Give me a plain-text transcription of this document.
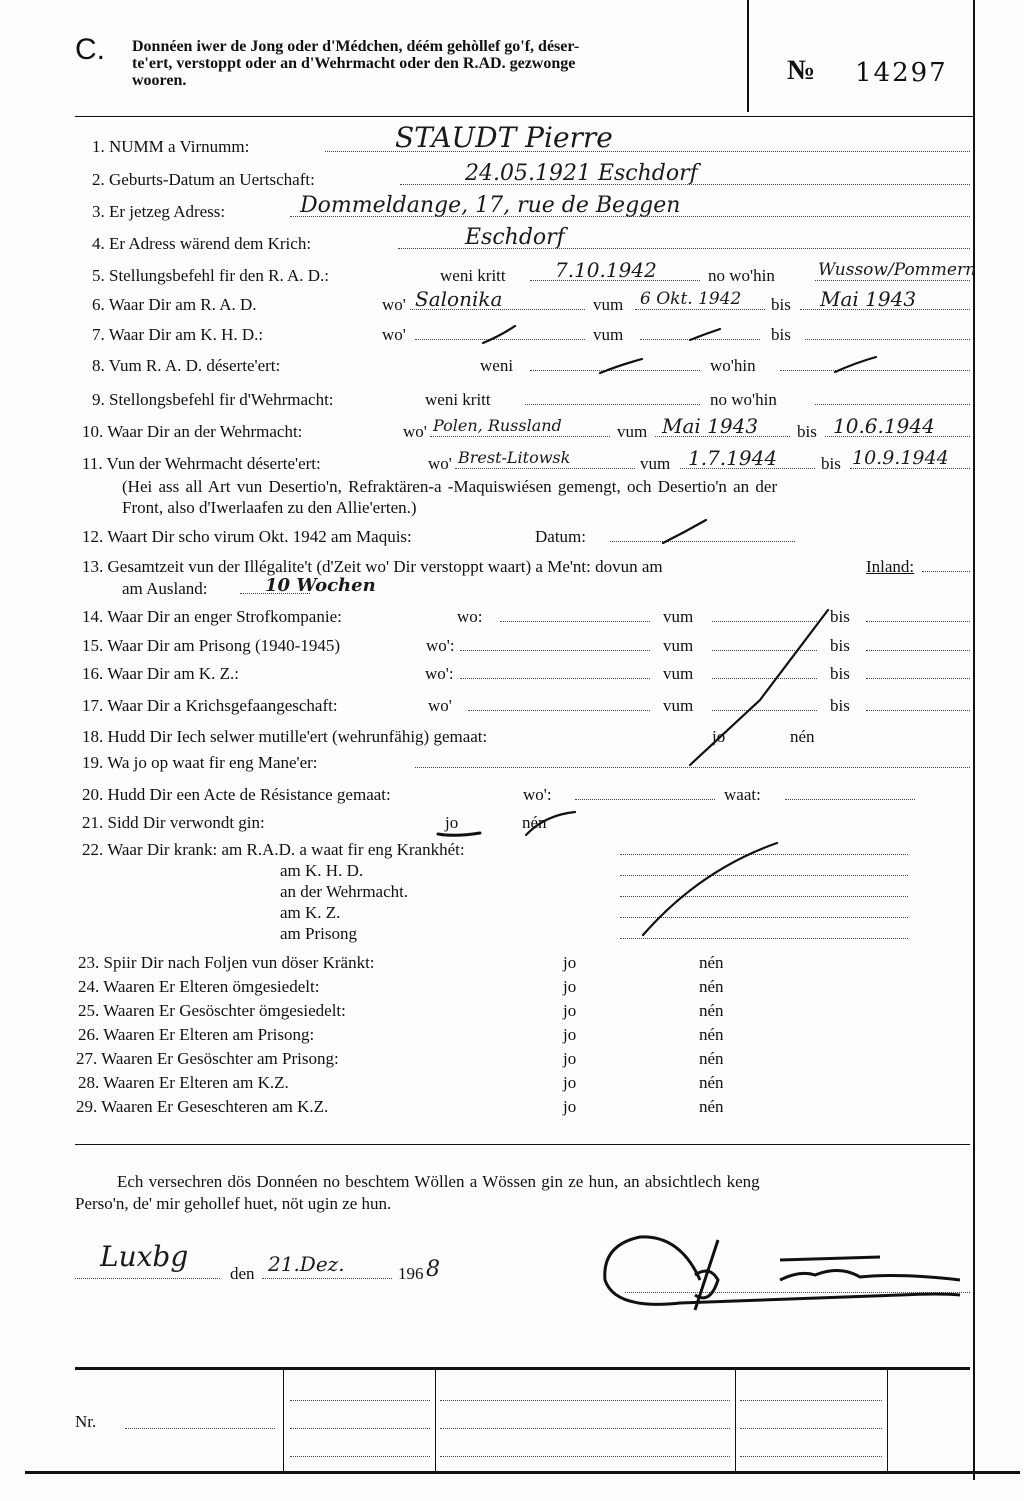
C. Donnéen iwer de Jong oder d'Médchen, déém gehòllef go'f, déser-
te'ert, verstoppt oder an d'Wehrmacht oder den R.AD. gezwonge
wooren.	№ 14297
1. NUMM a Virnumm:	STAUDT Pierre
2. Geburts-Datum an Uertschaft:	24.05.1921 Eschdorf
3. Er jetzeg Adress:	Dommeldange, 17, rue de Beggen
4. Er Adress wärend dem Krich:	Eschdorf
5. Stellungsbefehl fir den R. A. D.:	weni kritt 7.10.1942	no wo'hin	Wussow/Pommern
6. Waar Dir am R. A. D.	wo' Salonika	vum 6 Okt. 1942 bis Mai 1943
7. Waar Dir am K. H. D.:	wo'	vum	bis
8. Vum R. A. D. déserte'ert:	weni	wo'hin
9. Stellongsbefehl fir d'Wehrmacht:	weni kritt	no wo'hin
10. Waar Dir an der Wehrmacht:	wo' Polen, Russland	vum Mai 1943 bis 10.6.1944
11. Vun der Wehrmacht déserte'ert:	wo' Brest-Litowsk	vum 1.7.1944	bis 10.9.1944
(Hei ass all Art vun Desertio'n, Refraktären-a -Maquiswiésen gemengt, och Desertio'n an der
Front, also d'Iwerlaafen zu den Allie'erten.)
12. Waart Dir scho virum Okt. 1942 am Maquis:	Datum:
13. Gesamtzeit vun der Illégalite't (d'Zeit wo' Dir verstoppt waart) a Me'nt: dovun am	Inland:
am Ausland:	10 Wochen
14. Waar Dir an enger Strofkompanie:	wo:	vum	bis
15. Waar Dir am Prisong (1940-1945)	wo':	vum	bis
16. Waar Dir am K. Z.:	wo':	vum	bis
17. Waar Dir a Krichsgefaangeschaft:	wo'	vum	bis
18. Hudd Dir Iech selwer mutille'ert (wehrunfähig) gemaat:	jo	nén
19. Wa jo op waat fir eng Mane'er:
20. Hudd Dir een Acte de Résistance gemaat:	wo':	waat:
21. Sidd Dir verwondt gin:	jo	nén
22. Waar Dir krank: am R.A.D. a waat fir eng Krankhét:
am K. H. D.
an der Wehrmacht.
am K. Z.
am Prisong
23. Spiir Dir nach Foljen vun döser Kränkt:	jo	nén
24. Waaren Er Elteren ömgesiedelt:	jo	nén
25. Waaren Er Gesöschter ömgesiedelt:	jo	nén
26. Waaren Er Elteren am Prisong:	jo	nén
27. Waaren Er Gesöschter am Prisong:	jo	nén
28. Waaren Er Elteren am K.Z.	jo	nén
29. Waaren Er Geseschteren am K.Z.	jo	nén
Ech versechren dös Donnéen no beschtem Wöllen a Wössen gin ze hun, an absichtlech keng
Perso'n, de' mir gehollef huet, nöt ugin ze hun.
Luxbg
den 21.Dez.	196 8
Nr.
